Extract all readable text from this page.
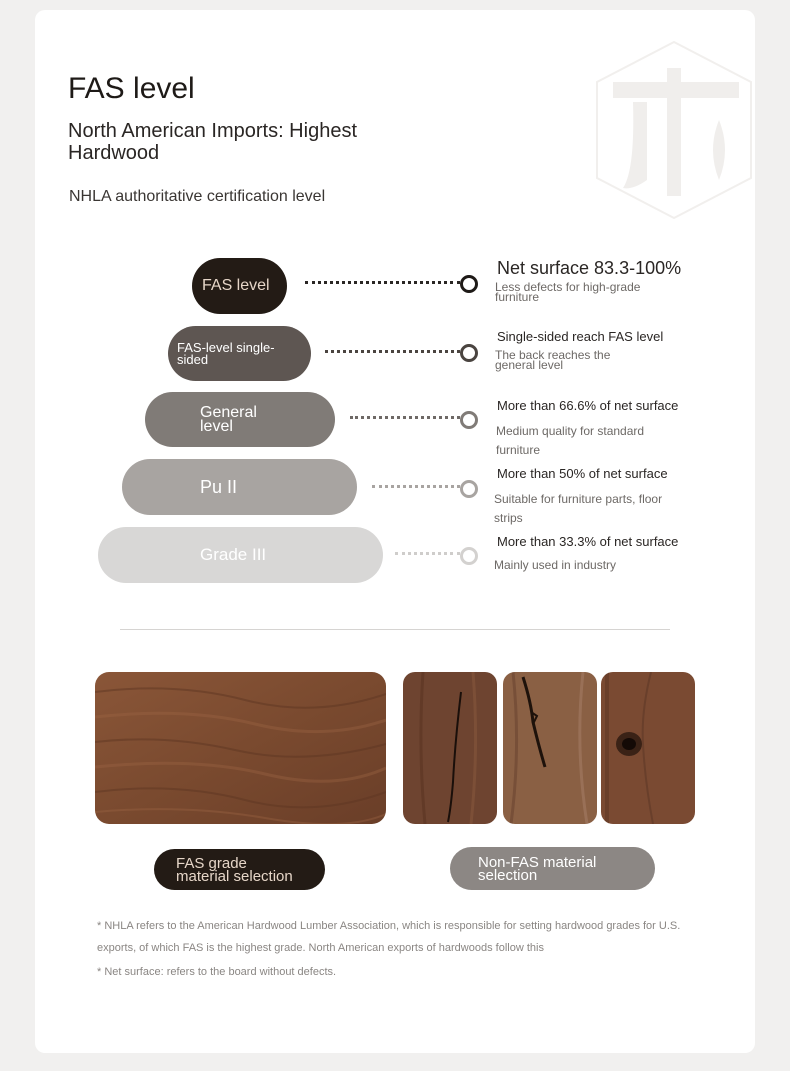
FAS level
North American Imports: Highest Hardwood
NHLA authoritative certification level
FAS level
Net surface 83.3-100%
Less defects for high-grade furniture
FAS-level single-sided
Single-sided reach FAS level
The back reaches the general level
General level
More than 66.6% of net surface
Medium quality for standard furniture
Pu II
More than 50% of net surface
Suitable for furniture parts, floor strips
Grade III
More than 33.3% of net surface
Mainly used in industry
FAS grade material selection
Non-FAS material selection
* NHLA refers to the American Hardwood Lumber Association, which is responsible for setting hardwood grades for U.S. exports, of which FAS is the highest grade. North American exports of hardwoods follow this
* Net surface: refers to the board without defects.
